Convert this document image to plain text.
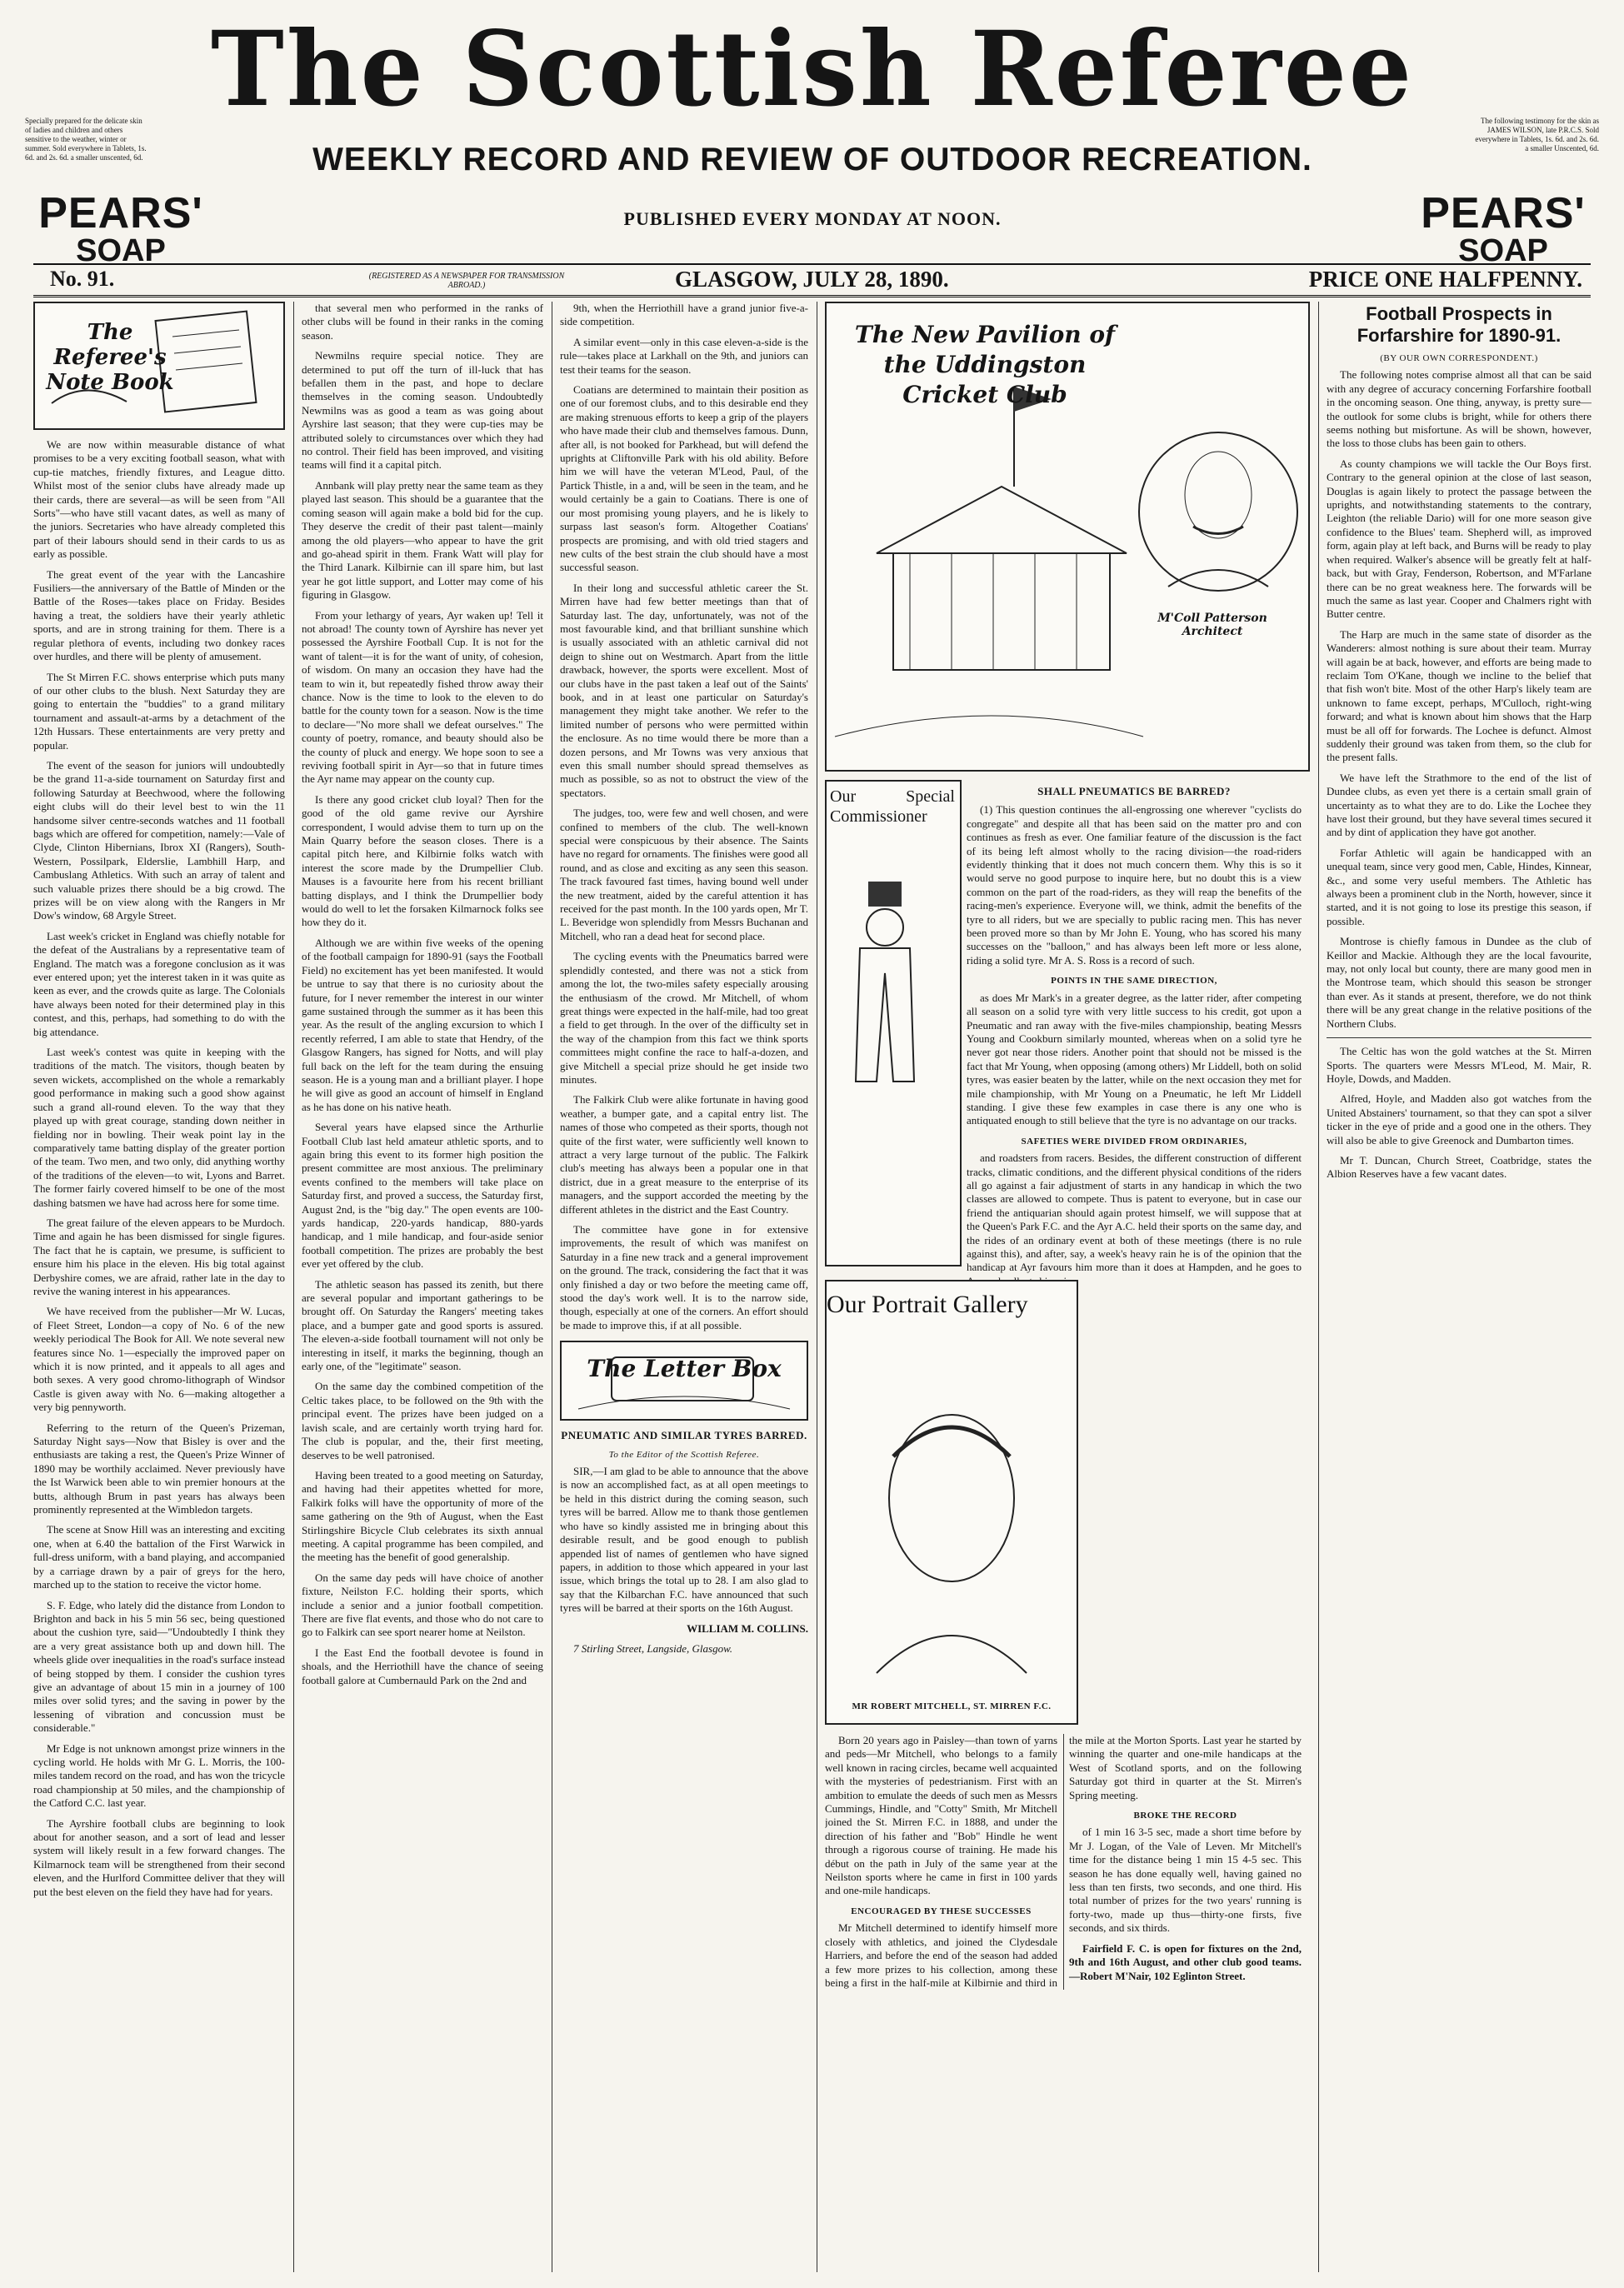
Specially prepared for the delicate skin of ladies and children and others sensitive to the weather, winter or summer. Sold everywhere in Tablets, 1s. 6d. and 2s. 6d. a smaller unscented, 6d.
The following testimony for the skin as JAMES WILSON, late P.R.C.S. Sold everywhere in Tablets, 1s. 6d. and 2s. 6d. a smaller Unscented, 6d.
The Scottish Referee
PEARS'
SOAP
PEARS'
SOAP
WEEKLY RECORD AND REVIEW OF OUTDOOR RECREATION.
PUBLISHED EVERY MONDAY AT NOON.
No. 91.	(REGISTERED AS A NEWSPAPER FOR TRANSMISSION ABROAD.)	GLASGOW, JULY 28, 1890.	PRICE ONE HALFPENNY.
The Referee's Note Book

We are now within measurable distance of what promises to be a very exciting football season, what with cup-tie matches, friendly fixtures, and League ditto. Whilst most of the senior clubs have already made up their cards, there are several—as will be seen from "All Sorts"—who have still vacant dates, as well as many of the juniors. Secretaries who have already completed this part of their labours should send in their cards to us as early as possible.

The great event of the year with the Lancashire Fusiliers—the anniversary of the Battle of Minden or the Battle of the Roses—takes place on Friday. Besides having a treat, the soldiers have their yearly athletic sports, and are in strong training for them. There is a regular plethora of events, including two donkey races over hurdles, and there will be plenty of amusement.

The St Mirren F.C. shows enterprise which puts many of our other clubs to the blush. Next Saturday they are going to entertain the "buddies" to a grand military tournament and assault-at-arms by a detachment of the 12th Hussars. These entertainments are very pretty and popular.

The event of the season for juniors will undoubtedly be the grand 11-a-side tournament on Saturday first and following Saturday at Beechwood, where the following eight clubs will do their level best to win the 11 handsome silver centre-seconds watches and 11 football bags which are offered for competition, namely:—Vale of Clyde, Clinton Hibernians, Ibrox XI (Rangers), South-Western, Possilpark, Elderslie, Lambhill Harp, and Cambuslang Athletics. With such an array of talent and such valuable prizes there should be a big crowd. The prizes will be on view along with the Rangers in Mr Dow's window, 68 Argyle Street.

Last week's cricket in England was chiefly notable for the defeat of the Australians by a representative team of England. The match was a foregone conclusion as it was ever entered upon; yet the interest taken in it was quite as keen as ever, and the crowds quite as large. The Colonials have always been noted for their determined play in this contest, and this, perhaps, had something to do with the big attendance.

Last week's contest was quite in keeping with the traditions of the match. The visitors, though beaten by seven wickets, accomplished on the whole a remarkably good performance in making such a good show against such a grand all-round eleven. To the way that they played up with great courage, standing down neither in fielding nor in bowling. Their weak point lay in the comparatively tame batting display of the greater portion of the team. Two men, and two only, did anything worthy of the traditions of the eleven—to wit, Lyons and Barret. The former fairly covered himself to be one of the most dashing batsmen we have had across here for some time.

The great failure of the eleven appears to be Murdoch. Time and again he has been dismissed for single figures. The fact that he is captain, we presume, is sufficient to ensure him his place in the eleven. His big total against Derbyshire comes, we are afraid, rather late in the day to revive the waning interest in his appearances.

We have received from the publisher—Mr W. Lucas, of Fleet Street, London—a copy of No. 6 of the new weekly periodical The Book for All. We note several new features since No. 1—especially the improved paper on which it is now printed, and it appeals to all ages and both sexes. A very good chromo-lithograph of Windsor Castle is given away with No. 6—making altogether a very big pennyworth.

Referring to the return of the Queen's Prizeman, Saturday Night says—Now that Bisley is over and the enthusiasts are taking a rest, the Queen's Prize Winner of 1890 may be worthily acclaimed. Never previously have the Ist Warwick been able to win premier honours at the butts, although Brum in past years has always been prominently represented at the Wimbledon targets.

The scene at Snow Hill was an interesting and exciting one, when at 6.40 the battalion of the First Warwick in full-dress uniform, with a band playing, and accompanied by a carriage drawn by a pair of greys for the hero, marched up to the station to receive the victor home.

S. F. Edge, who lately did the distance from London to Brighton and back in his 5 min 56 sec, being questioned about the cushion tyre, said—"Undoubtedly I think they are a very great assistance both up and down hill. The wheels glide over inequalities in the road's surface instead of being stopped by them. I consider the cushion tyres give an advantage of about 15 min in a journey of 100 miles over solid tyres; and the saving in power by the lessening of vibration and concussion must be considerable."

Mr Edge is not unknown amongst prize winners in the cycling world. He holds with Mr G. L. Morris, the 100-miles tandem record on the road, and has won the tricycle road championship at 50 miles, and the championship of the Catford C.C. last year.

The Ayrshire football clubs are beginning to look about for another season, and a sort of lead and lesser system will likely result in a few forward changes. The Kilmarnock team will be strengthened from their second eleven, and the Hurlford Committee deliver that they will put the best eleven on the field they have had for years.

that several men who performed in the ranks of other clubs will be found in their ranks in the coming season.

Newmilns require special notice. They are determined to put off the turn of ill-luck that has befallen them in the past, and hope to declare themselves in the coming season. Undoubtedly Newmilns was as good a team as was going about Ayrshire last season; that they were cup-ties may be attributed solely to circumstances over which they had no control. Their field has been improved, and visiting teams will find it a capital pitch.

Annbank will play pretty near the same team as they played last season. This should be a guarantee that the coming season will again make a bold bid for the cup. They deserve the credit of their past talent—mainly among the old players—who appear to have the grit and go-ahead spirit in them. Frank Watt will play for the Third Lanark. Kilbirnie can ill spare him, but last year he got little support, and Lotter may come of his figuring in Glasgow.

From your lethargy of years, Ayr waken up! Tell it not abroad! The county town of Ayrshire has never yet possessed the Ayrshire Football Cup. It is not for the want of talent—it is for the want of unity, of cohesion, of wisdom. On many an occasion they have had the team to win it, but repeatedly fished throw away their chance. Now is the time to look to the eleven to do battle for the county town for a season. Now is the time to declare—"No more shall we defeat ourselves." The county of poetry, romance, and beauty should also be the county of pluck and energy. We hope soon to see a reviving football spirit in Ayr—so that in future times the Ayr name may appear on the county cup.

Is there any good cricket club loyal? Then for the good of the old game revive our Ayrshire correspondent, I would advise them to turn up on the Main Quarry before the season closes. There is a capital pitch here, and Kilbirnie folks watch with interest the score made by the Drumpellier Club. Mauses is a favourite here from his recent brilliant batting displays, and I think the Drumpellier body would do well to let the forsaken Kilmarnock folks see how they do it.

Although we are within five weeks of the opening of the football campaign for 1890-91 (says the Football Field) no excitement has yet been manifested. It would be untrue to say that there is no curiosity about the future, for I never remember the interest in our winter game sustained through the summer as it has been this year. As the result of the angling excursion to which I recently referred, I am able to state that Hendry, of the Glasgow Rangers, has signed for Notts, and will play full back on the left for the team during the ensuing season. He is a young man and a brilliant player. I hope he will give as good an account of himself in England as he has done on his native heath.

Several years have elapsed since the Arthurlie Football Club last held amateur athletic sports, and to again bring this event to its former high position the present committee are most anxious. The preliminary events confined to the members will take place on Saturday first, and proved a success, the Saturday first, August 2nd, is the "big day." The open events are 100-yards handicap, 220-yards handicap, 880-yards handicap, and 1 mile handicap, and four-aside senior football competition. The prizes are probably the best ever yet offered by the club.

The athletic season has passed its zenith, but there are several popular and important gatherings to be brought off. On Saturday the Rangers' meeting takes place, and a bumper gate and good sports is assured. The eleven-a-side football tournament will not only be interesting in itself, it marks the beginning, though an early one, of the "legitimate" season.

On the same day the combined competition of the Celtic takes place, to be followed on the 9th with the principal event. The prizes have been judged on a lavish scale, and are certainly worth trying hard for. The club is popular, and the, their first meeting, deserves to be well patronised.

Having been treated to a good meeting on Saturday, and having had their appetites whetted for more, Falkirk folks will have the opportunity of more of the same gathering on the 9th of August, when the East Stirlingshire Bicycle Club celebrates its sixth annual meeting. A capital programme has been compiled, and the meeting has the benefit of good generalship.

On the same day peds will have choice of another fixture, Neilston F.C. holding their sports, which include a senior and a junior football competition. There are five flat events, and those who do not care to go to Falkirk can see sport nearer home at Neilston.

I the East End the football devotee is found in shoals, and the Herriothill have the chance of seeing football galore at Cumbernauld Park on the 2nd and

9th, when the Herriothill have a grand junior five-a-side competition.

A similar event—only in this case eleven-a-side is the rule—takes place at Larkhall on the 9th, and juniors can test their teams for the season.

Coatians are determined to maintain their position as one of our foremost clubs, and to this desirable end they are making strenuous efforts to keep a grip of the players who have made their club and themselves famous. Dunn, after all, is not booked for Parkhead, but will defend the uprights at Cliftonville Park with his old ability. Before him we will have the veteran M'Leod, Paul, of the Partick Thistle, in a and, will be seen in the team, and he would certainly be a gain to Coatians. There is one of our most promising young players, and he is likely to surpass last season's form. Altogether Coatians' prospects are promising, and with old tried stagers and new cults of the best strain the club should have a most successful season.

In their long and successful athletic career the St. Mirren have had few better meetings than that of Saturday last. The day, unfortunately, was not of the most favourable kind, and that brilliant sunshine which is usually associated with an athletic carnival did not deign to shine out on Westmarch. Apart from the little drawback, however, the sports were excellent. Most of our clubs have in the past taken a leaf out of the Saints' book, and in at least one particular on Saturday's management they might take another. We refer to the limited number of persons who were permitted within the enclosure. As no time would there be more than a dozen persons, and Mr Towns was very anxious that even this small number should spread themselves as much as possible, so as not to obstruct the view of the spectators.

The judges, too, were few and well chosen, and were confined to members of the club. The well-known special were conspicuous by their absence. The Saints have no regard for ornaments. The finishes were good all round, and as close and exciting as any seen this season. The track favoured fast times, having bound well under the new treatment, aided by the careful attention it has received for the past month. In the 100 yards open, Mr T. L. Beveridge won splendidly from Messrs Buchanan and Mitchell, who ran a dead heat for second place.

The cycling events with the Pneumatics barred were splendidly contested, and there was not a stick from among the lot, the two-miles safety especially arousing the enthusiasm of the crowd. Mr Mitchell, of whom great things were expected in the half-mile, had too great a field to get through. In the over of the difficulty set in the way of the champion from this fact we think sports committees might confine the race to half-a-dozen, and give Mitchell a special prize should he get inside two minutes.

The Falkirk Club were alike fortunate in having good weather, a bumper gate, and a capital entry list. The names of those who competed as their sports, though not quite of the first water, were sufficiently well known to attract a very large turnout of the public. The Falkirk club's meeting has always been a popular one in that district, due in a great measure to the enterprise of its managers, and the support accorded the meeting by the different athletes in the district and the East Country.

The committee have gone in for extensive improvements, the result of which was manifest on Saturday in a fine new track and a general improvement on the ground. The track, considering the fact that it was only finished a day or two before the meeting came off, stood the day's work well. It is to the narrow side, though, especially at one of the corners. An effort should be made to improve this, if at all possible.

The Letter Box
PNEUMATIC AND SIMILAR TYRES BARRED.
To the Editor of the Scottish Referee.

SIR,—I am glad to be able to announce that the above is now an accomplished fact, as at all open meetings to be held in this district during the coming season, such tyres will be barred. Allow me to thank those gentlemen who have so kindly assisted me in bringing about this desirable result, and be good enough to publish appended list of names of gentlemen who have signed papers, in addition to those which appeared in your last issue, which brings the total up to 28. I am also glad to say that the Kilbarchan F.C. have announced that such tyres will be barred at their sports on the 16th August.

WILLIAM M. COLLINS.

7 Stirling Street, Langside, Glasgow.

The New Pavilion of the Uddingston Cricket Club
M'Coll Patterson Architect
Our Special Commissioner
SHALL PNEUMATICS BE BARRED?

(1) This question continues the all-engrossing one wherever "cyclists do congregate" and despite all that has been said on the matter pro and con continues as fresh as ever. One familiar feature of the discussion is the fact of its being left almost wholly to the racing division—the road-riders evidently thinking that it does not much concern them. Why this is so it would serve no good purpose to inquire here, but no doubt this is a view common on the part of the road-riders, as they will reap the benefits of the racing-men's experience. Everyone will, we think, admit the benefits of the tyre to all riders, but we are specially to public racing men. This has never been proved more so than by Mr John E. Young, who has scored his many successes on the "balloon," and has always been left more or less alone, riding a solid tyre. Mr A. S. Ross is a record of such.

POINTS IN THE SAME DIRECTION,

as does Mr Mark's in a greater degree, as the latter rider, after competing all season on a solid tyre with very little success to his credit, got upon a Pneumatic and ran away with the five-miles championship, beating Messrs Young and Cookburn similarly mounted, whereas when on a solid tyre he never got near those riders. Another point that should not be missed is the fact that Mr Young, when opposing (among others) Mr Liddell, both on solid tyres, was easier beaten by the latter, while on the next occasion they met for mile championship, with Mr Young on a Pneumatic, he left Mr Liddell standing. I give these few examples in case there is any one who is antiquated enough to still believe that the tyre is no advantage on our tracks.

SAFETIES WERE DIVIDED FROM ORDINARIES,

and roadsters from racers. Besides, the different construction of different tracks, climatic conditions, and the different physical conditions of the riders all go against a fair adjustment of starts in any handicap in which the two classes are allowed to compete. Thus is patent to everyone, but in case our friend the antiquarian should again protest himself, we will suppose that at the Queen's Park F.C. and the Ayr A.C. held their sports on the same day, and the rides of an ordinary event at both of these meetings (there is no rule against this), and after, say, a week's heavy rain he is of the opinion that the handicap at Ayr favours him more than it does at Hampden, and he goes to

Our Portrait Gallery
MR ROBERT MITCHELL, ST. MIRREN F.C.

Born 20 years ago in Paisley—than town of yarns and peds—Mr Mitchell, who belongs to a family well known in racing circles, became well acquainted with the mysteries of pedestrianism. First with an ambition to emulate the deeds of such men as Messrs Cummings, Hindle, and "Cotty" Smith, Mr Mitchell joined the St. Mirren F.C. in 1888, and under the direction of his father and "Bob" Hindle he went through a rigorous course of training. He made his début on the path in July of the same year at the Neilston sports where he came in first in 100 yards and one-mile handicaps.

ENCOURAGED BY THESE SUCCESSES

Mr Mitchell determined to identify himself more closely with athletics, and joined the Clydesdale Harriers, and before the end of the season had added a few more prizes to his collection, among these being a first in the half-mile at Kilbirnie and third in the mile at the Morton Sports. Last year he started by winning the quarter and one-mile handicaps at the West of Scotland sports, and on the following Saturday got third in quarter at the St. Mirren's Spring meeting.

BROKE THE RECORD

of 1 min 16 3-5 sec, made a short time before by Mr J. Logan, of the Vale of Leven. Mr Mitchell's time for the distance being 1 min 15 4-5 sec. This season he has done equally well, having gained no less than ten firsts, two seconds, and one third. His total number of prizes for the two years' running is forty-two, made up thus—thirty-one firsts, five seconds, and six thirds.

Fairfield F. C. is open for fixtures on the 2nd, 9th and 16th August, and other club good teams. —Robert M'Nair, 102 Eglinton Street.

Football Prospects in Forfarshire for 1890-91.
(BY OUR OWN CORRESPONDENT.)

The following notes comprise almost all that can be said with any degree of accuracy concerning Forfarshire football in the oncoming season. One thing, anyway, is pretty sure—the outlook for some clubs is bright, while for others there seems nothing but misfortune. As will be shown, however, the loss to those clubs has been gain to others.

As county champions we will tackle the Our Boys first. Contrary to the general opinion at the close of last season, Douglas is again likely to protect the passage between the uprights, and notwithstanding statements to the contrary, Leighton (the reliable Dario) will for one more season give confidence to the Blues' team. Shepherd will, as improved form, again play at left back, and Burns will be ready to play when required. Walker's absence will be greatly felt at half-back, but with Gray, Fenderson, Robertson, and M'Farlane there can be no great weakness here. The forwards will be much the same as last year. Cooper and Chalmers right with Butter centre.

The Harp are much in the same state of disorder as the Wanderers: almost nothing is sure about their team. Murray will again be at back, however, and efforts are being made to reclaim Tom O'Kane, though we incline to the belief that that fish won't bite. Most of the other Harp's likely team are unknown to fame except, perhaps, M'Culloch, right-wing forward; and what is known about him shows that the Harp must be all off for forwards. The Lochee is defunct. Almost suddenly their ground was taken from them, so the club for the present falls.

We have left the Strathmore to the end of the list of Dundee clubs, as even yet there is a certain small grain of uncertainty as to what they are to do. Like the Lochee they have lost their ground, but they have several times secured it and by dint of application they have got another.

Forfar Athletic will again be handicapped with an unequal team, since very good men, Cable, Hindes, Kinnear, &c., and some very useful members. The Athletic has always been a prominent club in the North, however, since it started, and it is not going to lose its prestige this season, if possible.

Montrose is chiefly famous in Dundee as the club of Keillor and Mackie. Although they are the local favourite, may, not only local but county, there are many good men in the Montrose team, which should this season be stronger than ever. As it stands at present, therefore, we do not think there will be any great change in the relative positions of the Northern Clubs.

The Celtic has won the gold watches at the St. Mirren Sports. The quarters were Messrs M'Leod, M. Mair, R. Hoyle, Dowds, and Madden.

Alfred, Hoyle, and Madden also got watches from the United Abstainers' tournament, so that they can spot a silver ticker in the eye of pride and a good one in the others. They will also be able to give Greenock and Dumbarton times.

Mr T. Duncan, Church Street, Coatbridge, states the Albion Reserves have a few vacant dates.
